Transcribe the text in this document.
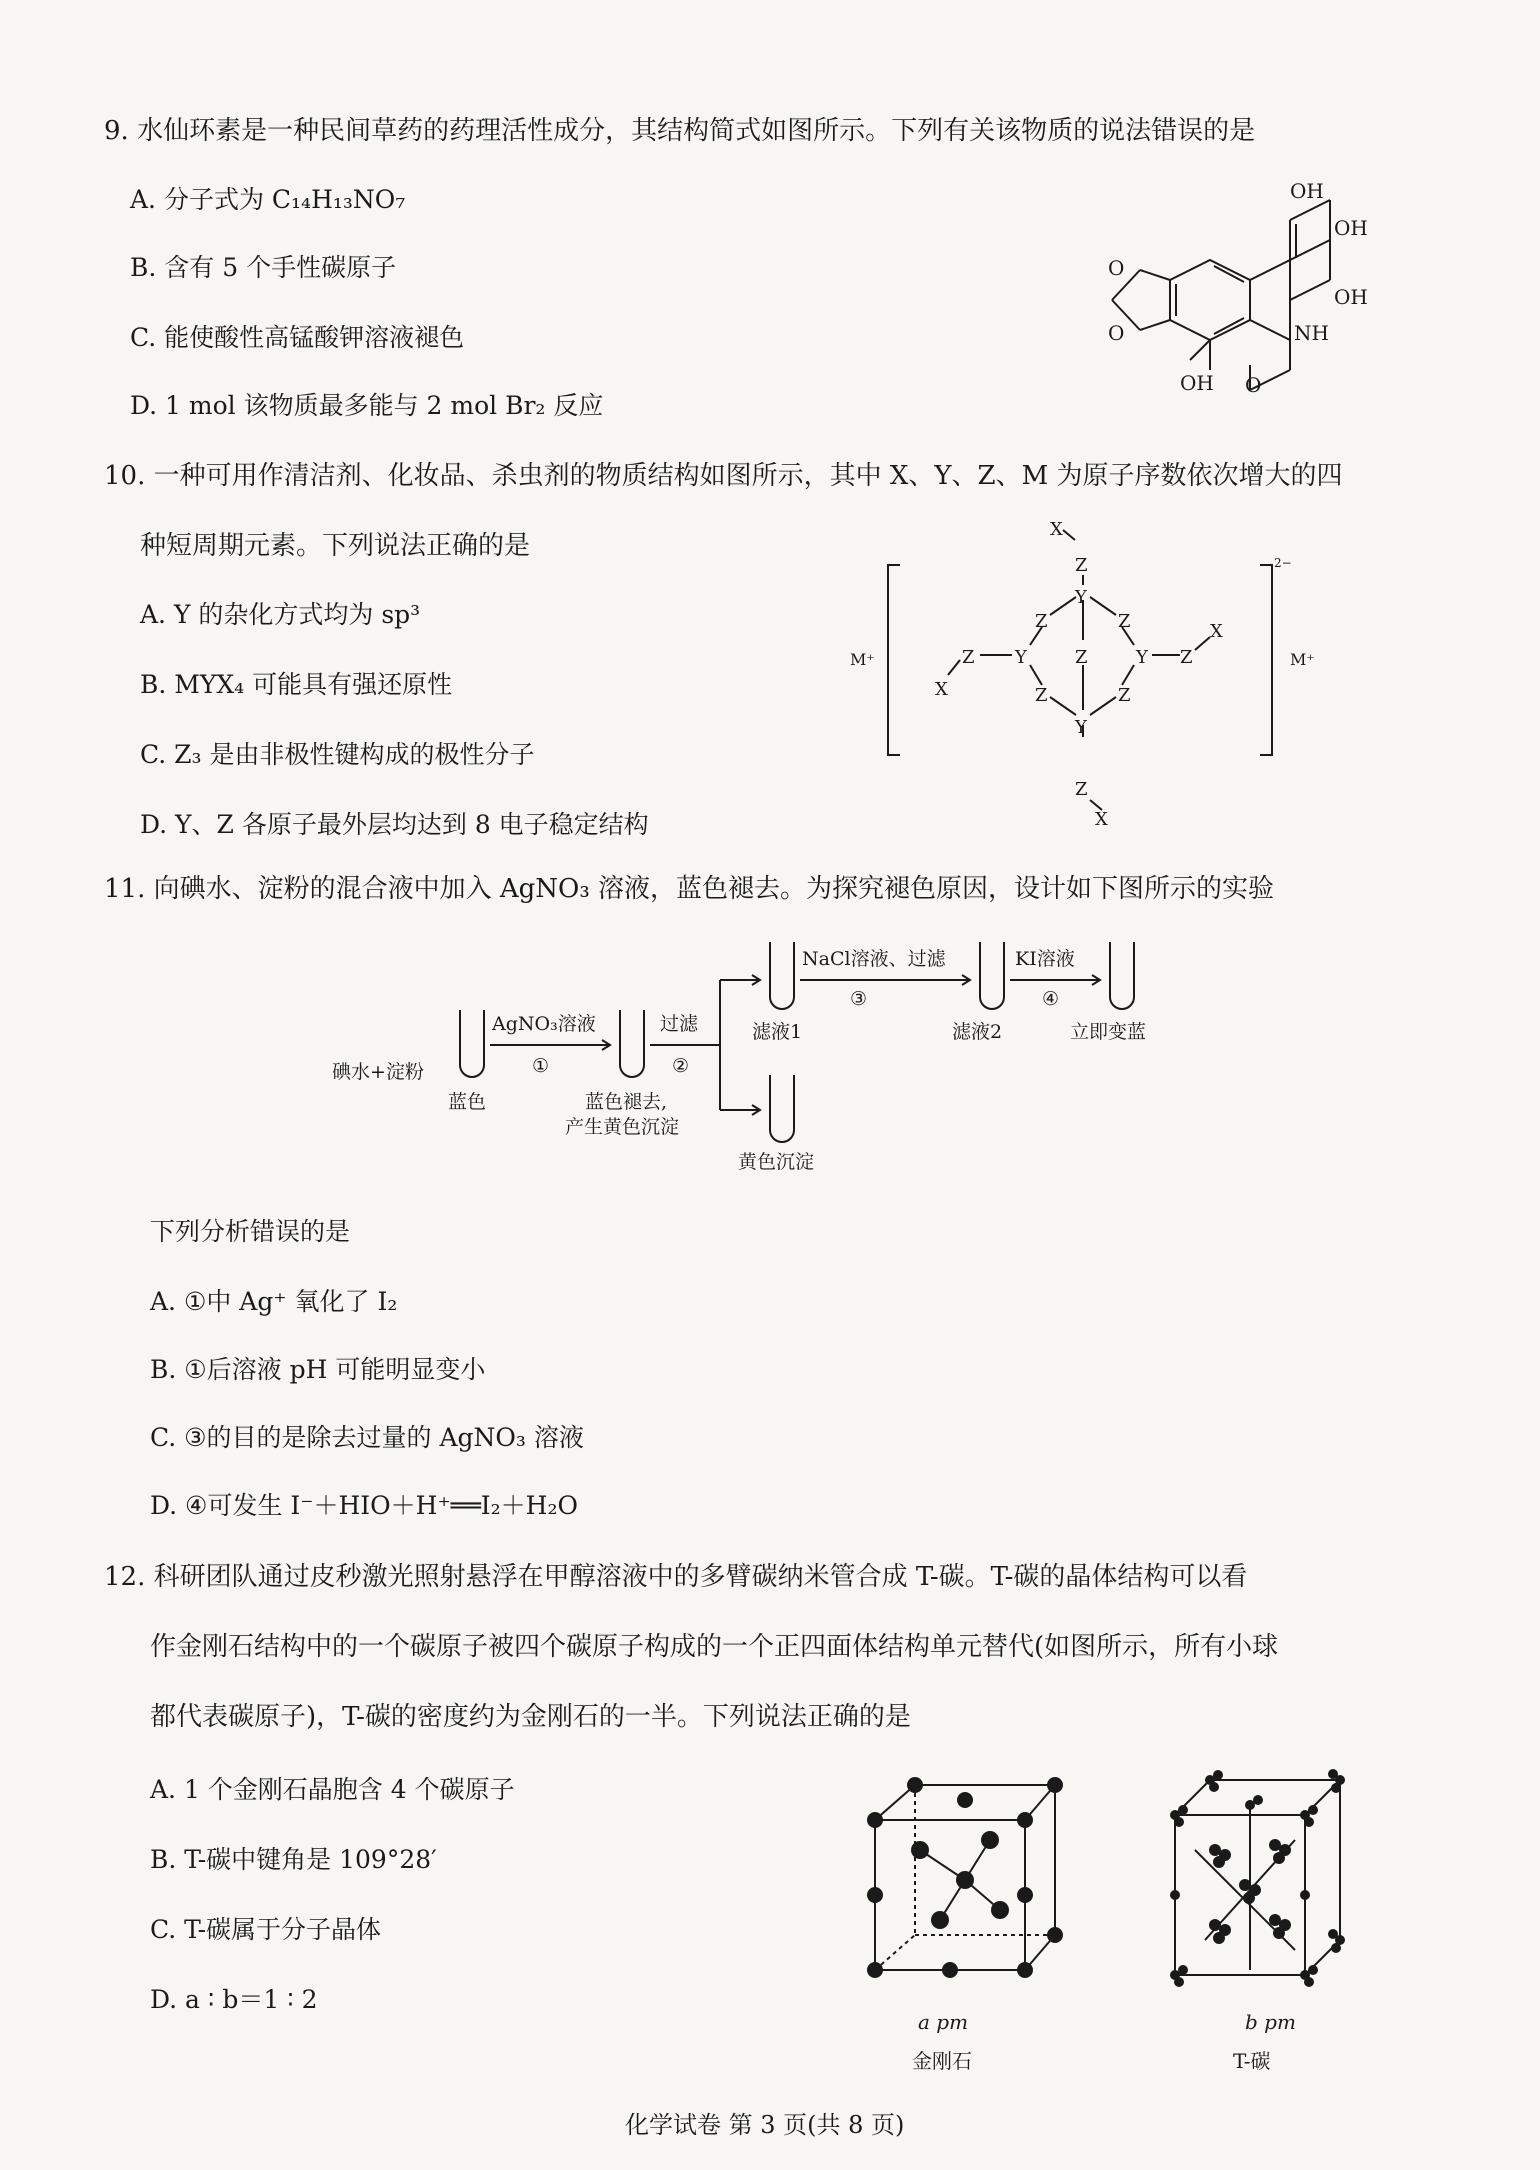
9. 水仙环素是一种民间草药的药理活性成分，其结构简式如图所示。下列有关该物质的说法错误的是
A. 分子式为 C₁₄H₁₃NO₇
B. 含有 5 个手性碳原子
C. 能使酸性高锰酸钾溶液褪色
D. 1 mol 该物质最多能与 2 mol Br₂ 反应
O
O
OH
OH
OH
NH
OH O
10. 一种可用作清洁剂、化妆品、杀虫剂的物质结构如图所示，其中 X、Y、Z、M 为原子序数依次增大的四
种短周期元素。下列说法正确的是
A. Y 的杂化方式均为 sp³
B. MYX₄ 可能具有强还原性
C. Z₃ 是由非极性键构成的极性分子
D. Y、Z 各原子最外层均达到 8 电子稳定结构
Z
X
Y
Z	Z
Y	Z	Y
Z	Z
X
X
Z	Z
Y
Z
X
M⁺	M⁺
2−
11. 向碘水、淀粉的混合液中加入 AgNO₃ 溶液，蓝色褪去。为探究褪色原因，设计如下图所示的实验
碘水+淀粉
蓝色
AgNO₃溶液
①
蓝色褪去,
产生黄色沉淀
过滤
②
滤液1
黄色沉淀
NaCl溶液、过滤
③
滤液2
KI溶液
④
立即变蓝
下列分析错误的是
A. ①中 Ag⁺ 氧化了 I₂
B. ①后溶液 pH 可能明显变小
C. ③的目的是除去过量的 AgNO₃ 溶液
D. ④可发生 I⁻＋HIO＋H⁺══I₂＋H₂O
12. 科研团队通过皮秒激光照射悬浮在甲醇溶液中的多臂碳纳米管合成 T-碳。T-碳的晶体结构可以看
作金刚石结构中的一个碳原子被四个碳原子构成的一个正四面体结构单元替代(如图所示，所有小球
都代表碳原子)，T-碳的密度约为金刚石的一半。下列说法正确的是
A. 1 个金刚石晶胞含 4 个碳原子
B. T-碳中键角是 109°28′
C. T-碳属于分子晶体
D. a ∶ b＝1 ∶ 2
a pm
金刚石
b pm
T-碳
化学试卷 第 3 页(共 8 页)
